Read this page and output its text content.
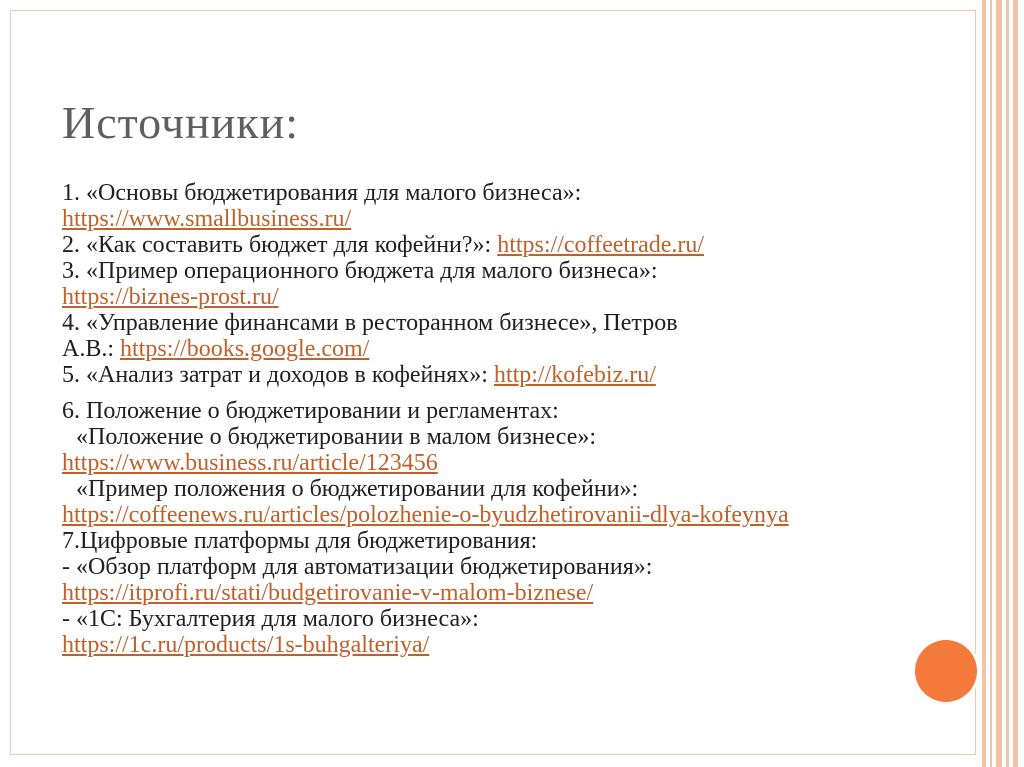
Источники:

1. «Основы бюджетирования для малого бизнеса»:
https://www.smallbusiness.ru/

2. «Как составить бюджет для кофейни?»: https://coffeetrade.ru/

3. «Пример операционного бюджета для малого бизнеса»:
https://biznes-prost.ru/

4. «Управление финансами в ресторанном бизнесе», Петров
А.В.: https://books.google.com/

5. «Анализ затрат и доходов в кофейнях»: http://kofebiz.ru/

6. Положение о бюджетировании и регламентах:

«Положение о бюджетировании в малом бизнесе»:

https://www.business.ru/article/123456

«Пример положения о бюджетировании для кофейни»:

https://coffeenews.ru/articles/polozhenie-o-byudzhetirovanii-dlya-kofeynya

7.Цифровые платформы для бюджетирования:

- «Обзор платформ для автоматизации бюджетирования»:
https://itprofi.ru/stati/budgetirovanie-v-malom-biznese/

- «1С: Бухгалтерия для малого бизнеса»:
https://1c.ru/products/1s-buhgalteriya/
